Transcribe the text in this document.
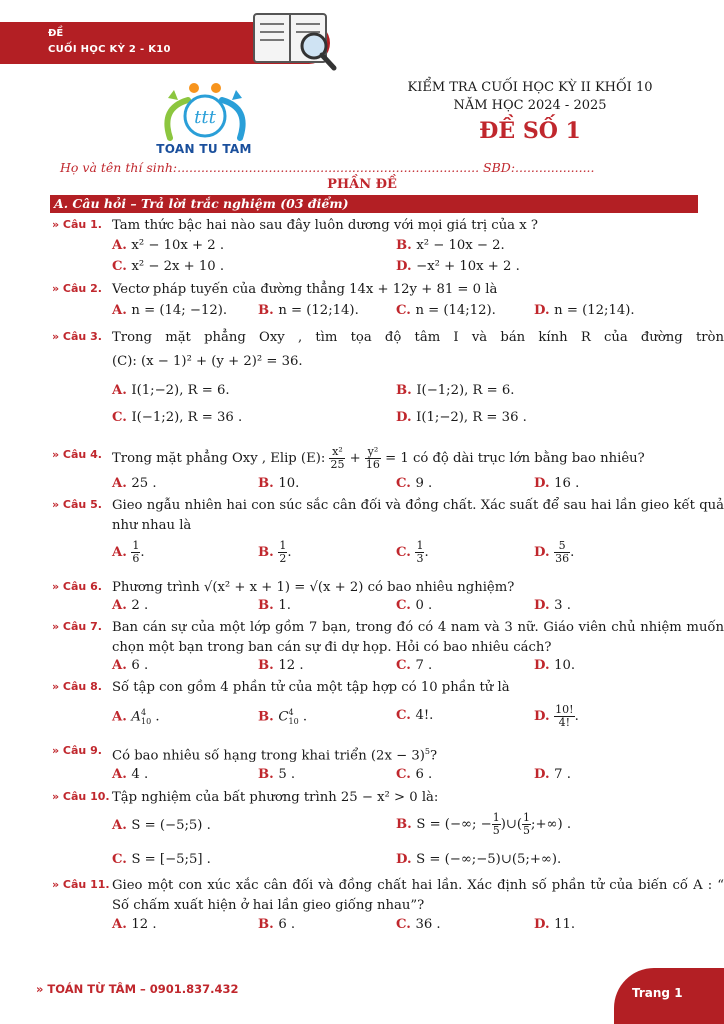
ĐỀ
CUỐI HỌC KỲ 2 - K10
ttt
TOAN TU TAM
KIỂM TRA CUỐI HỌC KỲ II KHỐI 10
NĂM HỌC 2024 - 2025
ĐỀ SỐ 1
Họ và tên thí sinh:............................................................................ SBD:....................
PHẦN ĐỀ
A. Câu hỏi – Trả lời trắc nghiệm (03 điểm)
» Câu 1. Tam thức bậc hai nào sau đây luôn dương với mọi giá trị của x ?
A. x² − 10x + 2 .	B. x² − 10x − 2.
C. x² − 2x + 10 .	D. −x² + 10x + 2 .
» Câu 2. Vectơ pháp tuyến của đường thẳng 14x + 12y + 81 = 0 là
A. n = (14; −12). B. n = (12;14).	C. n = (14;12).	D. n = (12;14).
» Câu 3. Trong mặt phẳng Oxy , tìm tọa độ tâm I và bán kính R của đường tròn
(C): (x − 1)² + (y + 2)² = 36.
A. I(1;−2), R = 6.	B. I(−1;2), R = 6.
C. I(−1;2), R = 36 .	D. I(1;−2), R = 36 .
» Câu 4. Trong mặt phẳng Oxy , Elip (E): $\frac{\text{x²}}{25} + \frac{\text{y²}}{16} = 1$ có độ dài trục lớn bằng bao nhiêu?
A. 25 .	B. 10.	C. 9 .	D. 16 .
» Câu 5. Gieo ngẫu nhiên hai con súc sắc cân đối và đồng chất. Xác suất để sau hai lần gieo kết quả như nhau là
A. $\frac{1}{6}$ .	B. $\frac{1}{2}$ .	C. $\frac{1}{3}$ .	D. $\frac{5}{36}$ .
» Câu 6. Phương trình √(x² + x + 1) = √(x + 2) có bao nhiêu nghiệm?
A. 2 .	B. 1.	C. 0 .	D. 3 .
» Câu 7. Ban cán sự của một lớp gồm 7 bạn, trong đó có 4 nam và 3 nữ. Giáo viên chủ nhiệm muốn chọn một bạn trong ban cán sự đi dự họp. Hỏi có bao nhiêu cách?
A. 6 .	B. 12 .	C. 7 .	D. 10.
» Câu 8. Số tập con gồm 4 phần tử của một tập hợp có 10 phần tử là
A. $A^4_{10}$ .	B. $C^4_{10}$ .	C. 4!.	D. $\frac{10!}{4!}$ .
» Câu 9. Có bao nhiêu số hạng trong khai triển $(2x - 3)^5$?
A. 4 .	B. 5 .	C. 6 .	D. 7 .
» Câu 10. Tập nghiệm của bất phương trình 25 − x² > 0 là:
A. S = (−5;5) .	B. S = (−∞; − $\frac{1}{5}$ )∪( $\frac{1}{5}$ ;+∞) .
C. S = [−5;5] .	D. S = (−∞;−5)∪(5;+∞).
» Câu 11. Gieo một con xúc xắc cân đối và đồng chất hai lần. Xác định số phần tử của biến cố A : “ Số chấm xuất hiện ở hai lần gieo giống nhau”?
A. 12 .	B. 6 .	C. 36 .	D. 11.
» TOÁN TỪ TÂM – 0901.837.432	Trang 1
